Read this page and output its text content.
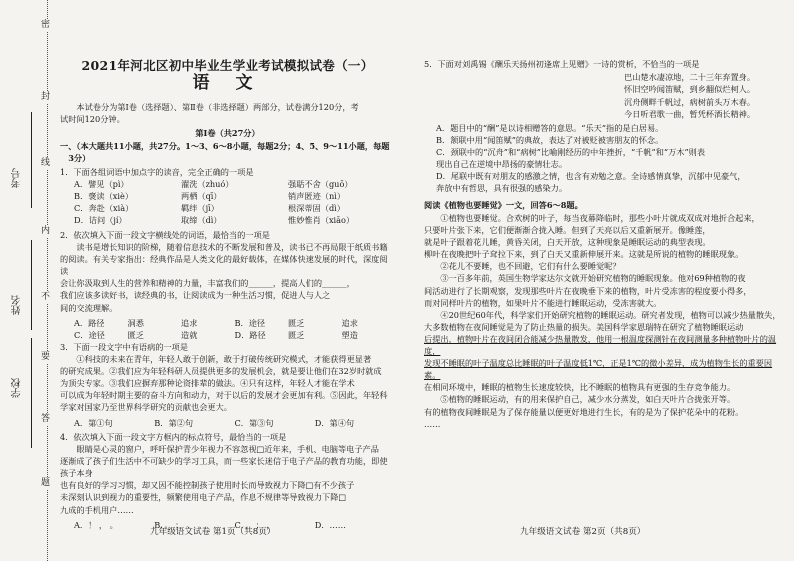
密
封
线
内
不
要
答
题
考号
姓名
学校
2021年河北区初中毕业生学业考试模拟试卷（一）
语 文
本试卷分为第Ⅰ卷（选择题）、第Ⅱ卷（非选择题）两部分，试卷满分120分，考
试时间120分钟。
第Ⅰ卷（共27分）
一、（本大题共11小题，共27分。1～3、6～8小题，每题2分；4、5、9～11小题，每题
3分）
1．下面各组词语中加点字的读音，完全正确的一项是
A．譬见（pì）	濯洗（zhuó）	强聒不舍（guō）
B．褒读（xiè）	两栖（qī）	销声匿迹（nì）
C．奔赴（xià）	羁绊（jī）	根深蒂固（dì）
D．诘问（jí）	取缔（dì）	惟妙惟肖（xiāo）
2．依次填入下面一段文字横线处的词语，最恰当的一项是
读书是增长知识的阶梯，随着信息技术的不断发展和普及，读书已不再局限于纸质书籍
的阅读。有关专家指出：经典作品是人类文化的最好载体，在媒体快速发展的时代，深度阅读
会让你汲取到人生的营养和精神的力量，丰富我们的______，提高人们的______，
我们应该多读好书，读经典的书，让阅读成为一种生活习惯，促进人与人之
间的交流理解。
A．路径	洞悉	追求	B．途径	匮乏	追求
C．途径	匮乏	造就	D．路径	匮乏	塑造
3．下面一段文字中有语病的一项是
①科技的未来在青年，年轻人敢于创新，敢于打破传统研究模式，才能获得更显著
的研究成果。②我们应为年轻科研人员提供更多的发展机会，就是要让他们在32岁时就成
为顶尖专家。③我们应摒弃那种论资排辈的做法。④只有这样，年轻人才能在学术
可以成为年轻时期主要的奋斗方向和动力，对于以后的发展才会更加有利。⑤因此，年轻科
学家对国家乃至世界科学研究的贡献也会更大。
A．第①句	B．第②句	C．第③句	D．第④句
4．依次填入下面一段文字方框内的标点符号，最恰当的一项是
眼睛是心灵的窗户，呼吁保护青少年视力不容忽视□近年来，手机、电脑等电子产品
逐渐成了孩子们生活中不可缺少的学习工具，而一些家长迷信于电子产品的教育功能，即使孩子本身
也有良好的学习习惯，却又因不能控制孩子使用时长而导致视力下降□有不少孩子
未深刻认识到视力的重要性，频繁使用电子产品，作息不规律等导致视力下降□
九成的手机用户……
A．！ ， 。	B．。 ； 。	C．， ； ，	D．……
九年级语文试卷 第1页（共8页）
5．下面对刘禹锡《酬乐天扬州初逢席上见赠》一诗的赏析，不恰当的一项是
巴山楚水凄凉地，二十三年弃置身。
怀旧空吟闻笛赋，到乡翻似烂柯人。
沉舟侧畔千帆过，病树前头万木春。
今日听君歌一曲，暂凭杯酒长精神。
A．题目中的“酬”是以诗相赠答的意思。“乐天”指的是白居易。
B．颔联中用“闻笛赋”的典故，表达了对被贬被害朋友的怀念。
C．颈联中的“沉舟”和“病树”比喻刚经历的中年挫折，“千帆”和“万木”则表
现出自己在逆境中昂扬的豪情壮志。
D．尾联中既有对朋友的感激之情，也含有劝勉之意。全诗感情真挚，沉郁中见豪气，
奔放中有哲思，具有很强的感染力。
阅读《植物也要睡觉》一文，回答6～8题。
①植物也要睡觉。合欢树的叶子，每当夜幕降临时，那些小叶片就成双成对地折合起来，
只要叶片张下来，它们便渐渐合拢入睡。但到了天亮以后又重新展开。像睡莲，
就是叶子跟着花儿睡，黄昏关闭，白天开放，这种现象是睡眠运动的典型表现。
柳叶在夜晚把叶子耷拉下来，到了白天又重新伸展开来。这就是所说的植物的睡眠现象。
②花儿不要睡，也不回避，它们有什么要睡觉呢？
③一百多年前，英国生物学家达尔文就开始研究植物的睡眠现象。他对69种植物的夜
间活动进行了长期观察，发现那些叶片在夜晚垂下来的植物，叶片受冻害的程度要小得多，
而对同样叶片的植物，如果叶片不能进行睡眠运动，受冻害就大。
④20世纪60年代，科学家们开始研究植物的睡眠运动。研究者发现，植物可以减少热量散失，
大多数植物在夜间睡觉是为了防止热量的损失。美国科学家恩瑞特在研究了植物睡眠运动
后提出，植物叶片在夜间闭合能减少热量散发，他用一根温度探测针在夜间测量多种植物叶片的温度，
发现不睡眠的叶子温度总比睡眠的叶子温度低1℃，正是1℃的微小差异，成为植物生长的重要因素。
在相同环境中，睡眠的植物生长速度较快，比不睡眠的植物具有更强的生存竞争能力。
⑤植物的睡眠运动，有的用来保护自己，减少水分蒸发，如白天叶片合拢张开等。
有的植物夜间睡眠是为了保存能量以便更好地进行生长，有的是为了保护花朵中的花粉。
……
九年级语文试卷 第2页（共8页）
